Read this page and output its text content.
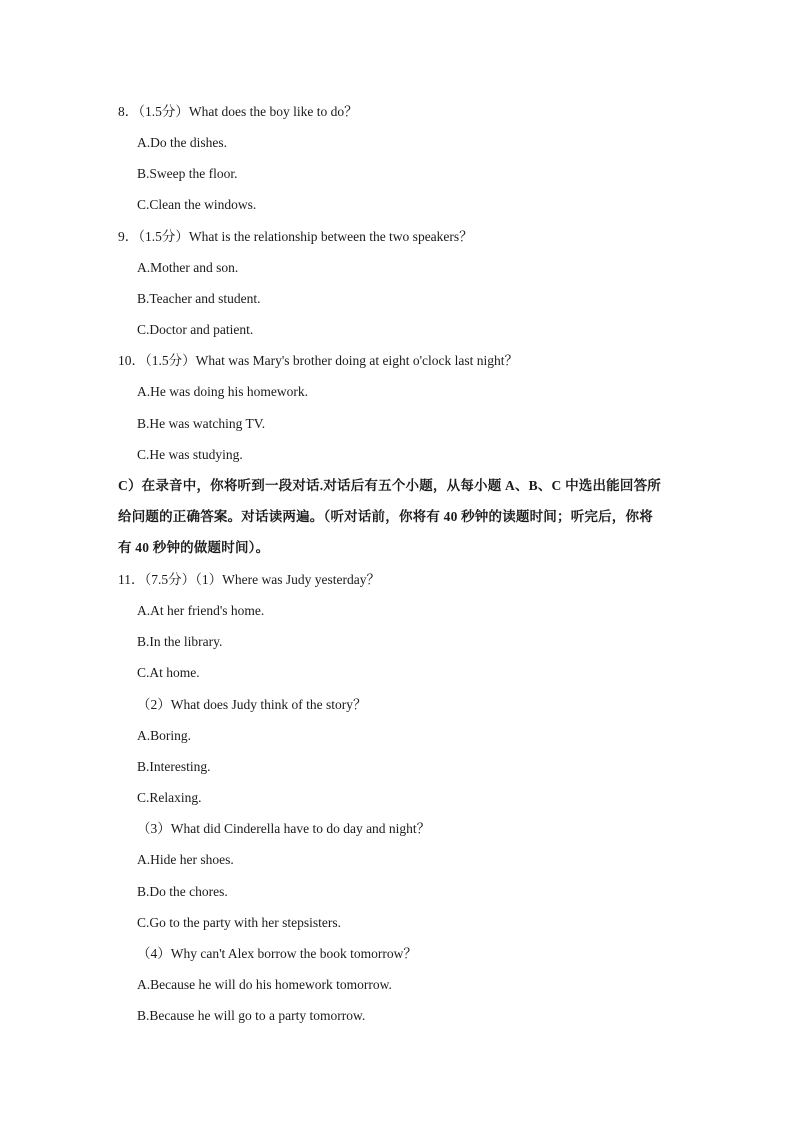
8．（1.5分）What does the boy like to do？
A.Do the dishes.
B.Sweep the floor.
C.Clean the windows.
9．（1.5分）What is the relationship between the two speakers？
A.Mother and son.
B.Teacher and student.
C.Doctor and patient.
10．（1.5分）What was Mary's brother doing at eight o'clock last night？
A.He was doing his homework.
B.He was watching TV.
C.He was studying.
C）在录音中，你将听到一段对话.对话后有五个小题，从每小题 A、B、C 中选出能回答所
给问题的正确答案。对话读两遍。（听对话前，你将有 40 秒钟的读题时间；听完后，你将
有 40 秒钟的做题时间）。
11．（7.5分）（1）Where was Judy yesterday？
A.At her friend's home.
B.In the library.
C.At home.
（2）What does Judy think of the story？
A.Boring.
B.Interesting.
C.Relaxing.
（3）What did Cinderella have to do day and night？
A.Hide her shoes.
B.Do the chores.
C.Go to the party with her stepsisters.
（4）Why can't Alex borrow the book tomorrow？
A.Because he will do his homework tomorrow.
B.Because he will go to a party tomorrow.
